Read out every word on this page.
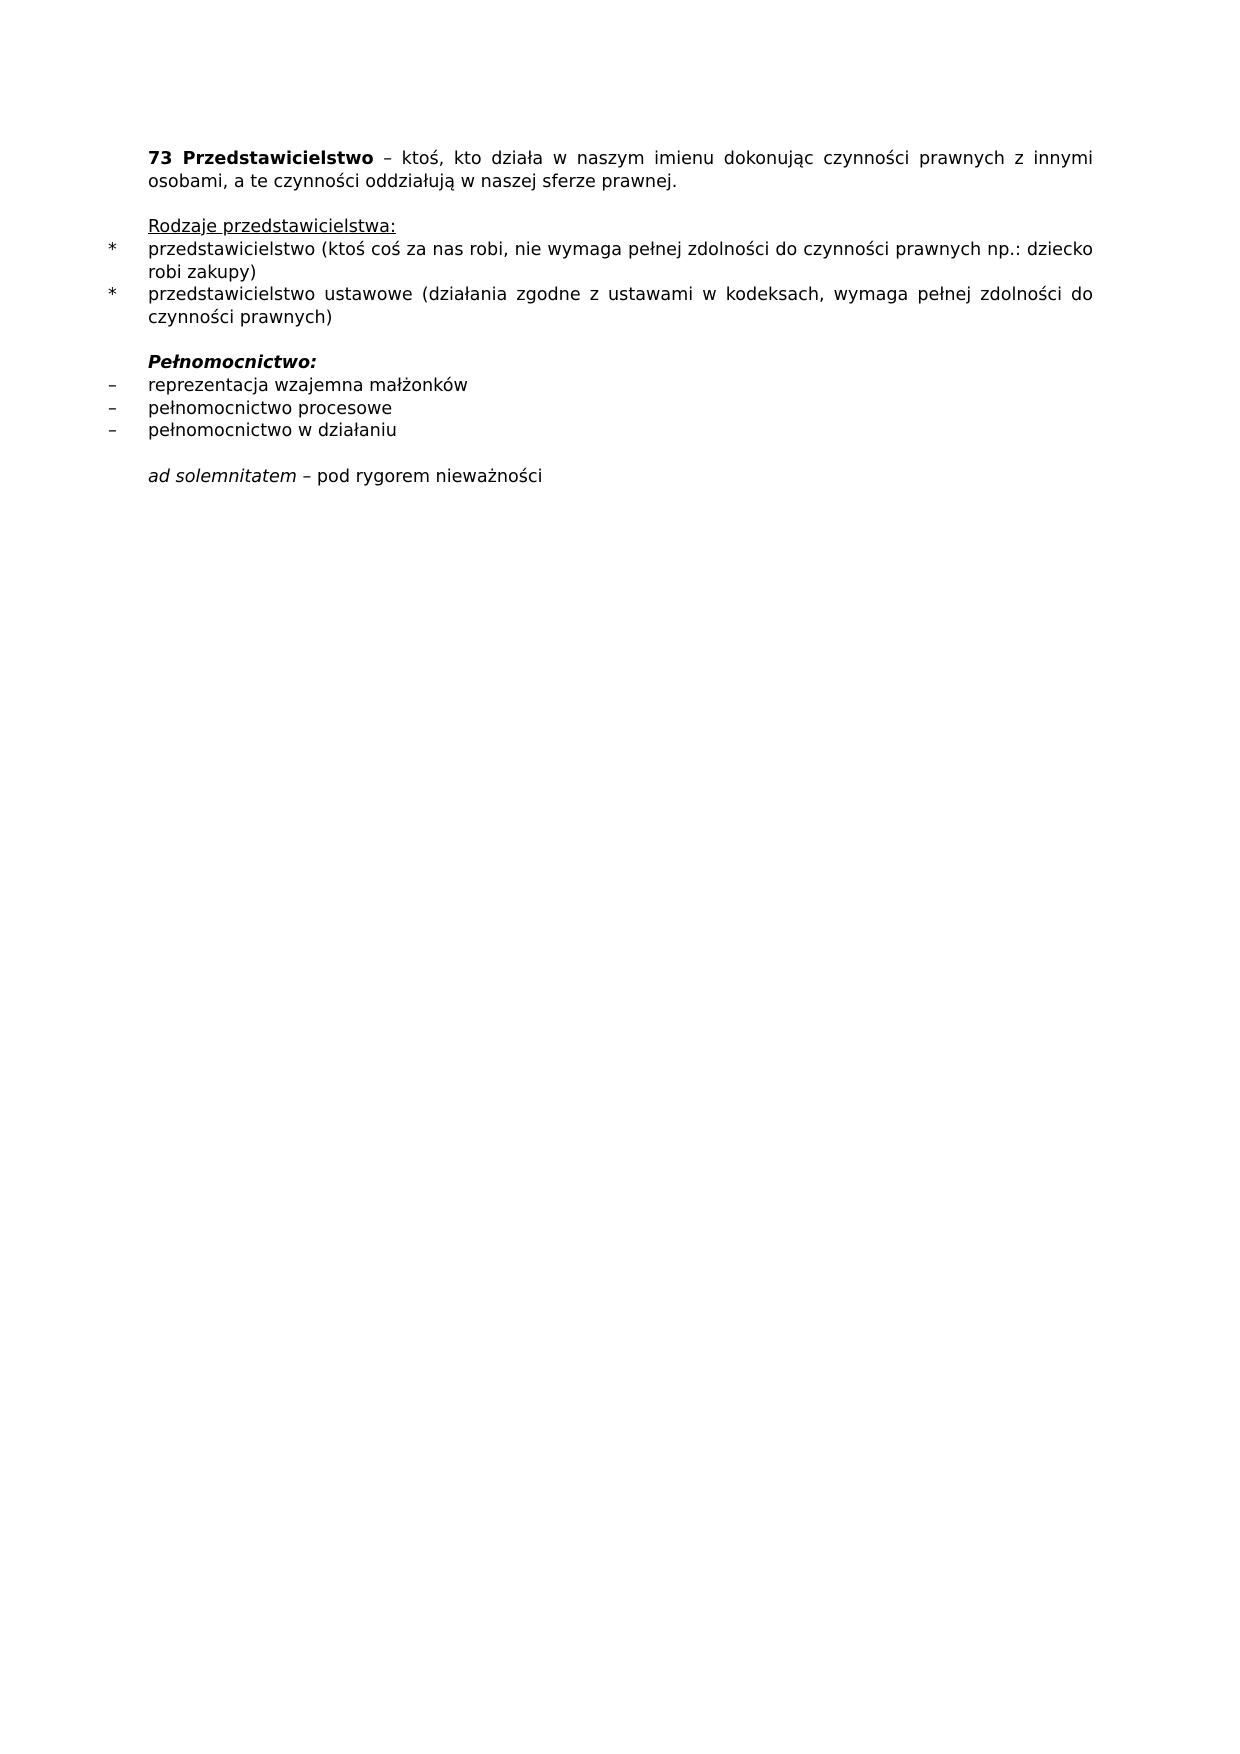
73 Przedstawicielstwo – ktoś, kto działa w naszym imienu dokonując czynności prawnych z innymi osobami, a te czynności oddziałują w naszej sferze prawnej.

Rodzaje przedstawicielstwa:
*	przedstawicielstwo (ktoś coś za nas robi, nie wymaga pełnej zdolności do czynności prawnych np.: dziecko robi zakupy)
*	przedstawicielstwo ustawowe (działania zgodne z ustawami w kodeksach, wymaga pełnej zdolności do czynności prawnych)
Pełnomocnictwo:
–	reprezentacja wzajemna małżonków
–	pełnomocnictwo procesowe
–	pełnomocnictwo w działaniu
ad solemnitatem – pod rygorem nieważności
